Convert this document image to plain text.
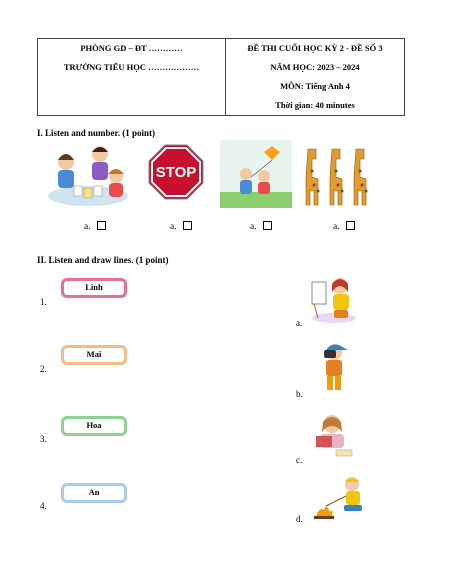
PHÒNG GD – ĐT …………
TRƯỜNG TIỂU HỌC ………………

ĐỀ THI CUỐI HỌC KỲ 2 - ĐỀ SỐ 3
NĂM HỌC: 2023 – 2024
MÔN: Tiếng Anh 4
Thời gian: 40 minutes
I. Listen and number. (1 point)
STOP
a.	a.	a.	a.
II. Listen and draw lines. (1 point)
Linh
Mai
Hoa
An
1.
2.
3.
4.
a.
b.
c.
d.
